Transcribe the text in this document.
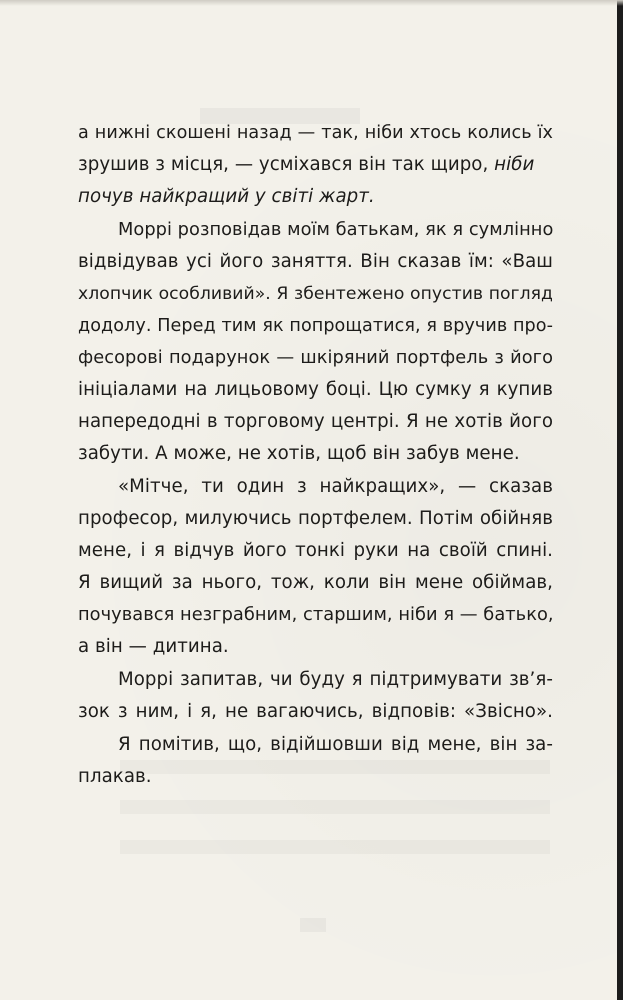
а нижні скошені назад — так, ніби хтось колись їх
зрушив з місця, — усміхався він так щиро, ніби
почув найкращий у світі жарт.
Моррі розповідав моїм батькам, як я сумлінно
відвідував усі його заняття. Він сказав їм: «Ваш
хлопчик особливий». Я збентежено опустив погляд
додолу. Перед тим як попрощатися, я вручив про-
фесорові подарунок — шкіряний портфель з його
ініціалами на лицьовому боці. Цю сумку я купив
напередодні в торговому центрі. Я не хотів його
забути. А може, не хотів, щоб він забув мене.
«Мітче, ти один з найкращих», — сказав
професор, милуючись портфелем. Потім обійняв
мене, і я відчув його тонкі руки на своїй спині.
Я вищий за нього, тож, коли він мене обіймав,
почувався незграбним, старшим, ніби я — батько,
а він — дитина.
Моррі запитав, чи буду я підтримувати зв’я-
зок з ним, і я, не вагаючись, відповів: «Звісно».
Я помітив, що, відійшовши від мене, він за-
плакав.
